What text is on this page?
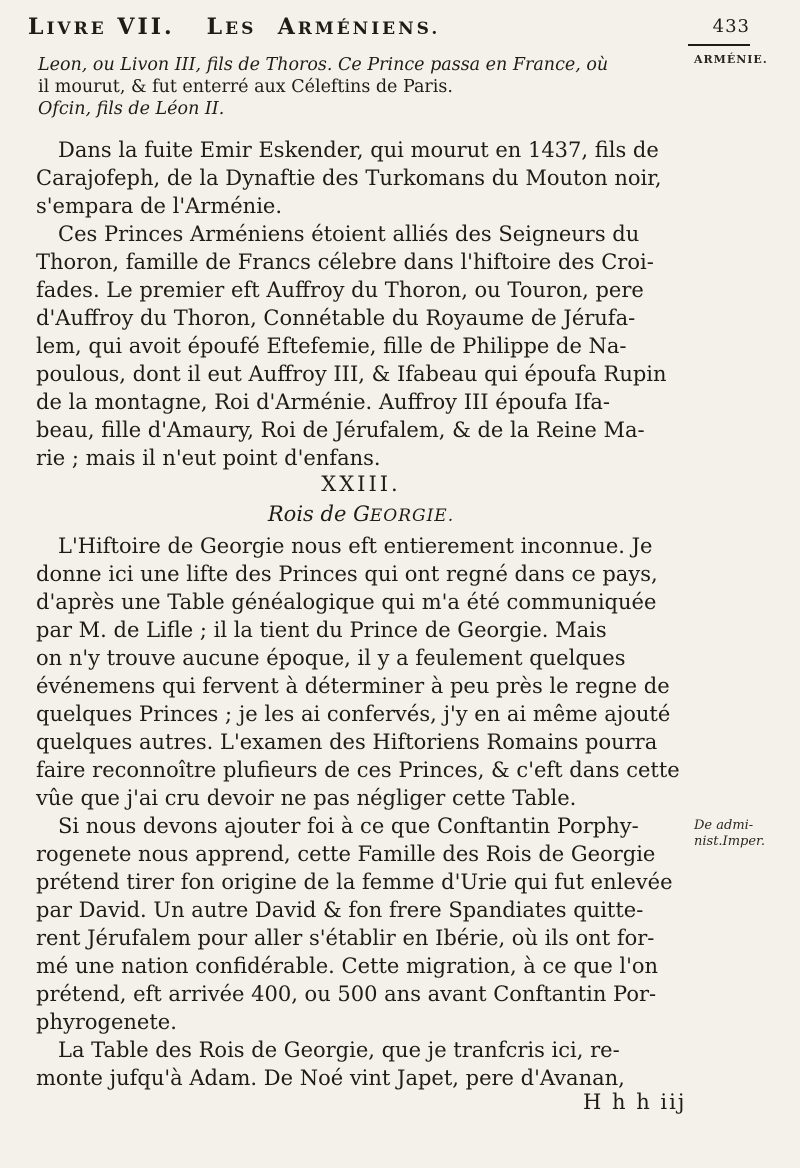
LIVRE VII. LES ARMÉNIENS.	433
ARMÉNIE.
Leon, ou Livon III, fils de Thoros. Ce Prince passa en France, où
il mourut, & fut enterré aux Céleftins de Paris.
Ofcin, fils de Léon II.
Dans la fuite Emir Eskender, qui mourut en 1437, fils de
Carajofeph, de la Dynaftie des Turkomans du Mouton noir,
s'empara de l'Arménie.
Ces Princes Arméniens étoient alliés des Seigneurs du
Thoron, famille de Francs célebre dans l'hiftoire des Croi-
fades. Le premier eft Auffroy du Thoron, ou Touron, pere
d'Auffroy du Thoron, Connétable du Royaume de Jérufa-
lem, qui avoit époufé Eftefemie, fille de Philippe de Na-
poulous, dont il eut Auffroy III, & Ifabeau qui époufa Rupin
de la montagne, Roi d'Arménie. Auffroy III époufa Ifa-
beau, fille d'Amaury, Roi de Jérufalem, & de la Reine Ma-
rie ; mais il n'eut point d'enfans.
XXIII.
Rois de GEORGIE.
L'Hiftoire de Georgie nous eft entierement inconnue. Je
donne ici une lifte des Princes qui ont regné dans ce pays,
d'après une Table généalogique qui m'a été communiquée
par M. de Lifle ; il la tient du Prince de Georgie. Mais
on n'y trouve aucune époque, il y a feulement quelques
événemens qui fervent à déterminer à peu près le regne de
quelques Princes ; je les ai confervés, j'y en ai même ajouté
quelques autres. L'examen des Hiftoriens Romains pourra
faire reconnoître plufieurs de ces Princes, & c'eft dans cette
vûe que j'ai cru devoir ne pas négliger cette Table.
Si nous devons ajouter foi à ce que Conftantin Porphy-
rogenete nous apprend, cette Famille des Rois de Georgie
prétend tirer fon origine de la femme d'Urie qui fut enlevée
par David. Un autre David & fon frere Spandiates quitte-
rent Jérufalem pour aller s'établir en Ibérie, où ils ont for-
mé une nation confidérable. Cette migration, à ce que l'on
prétend, eft arrivée 400, ou 500 ans avant Conftantin Por-
phyrogenete.
La Table des Rois de Georgie, que je tranfcris ici, re-
monte jufqu'à Adam. De Noé vint Japet, pere d'Avanan,
De admi-
nist.Imper.
H h h iij
